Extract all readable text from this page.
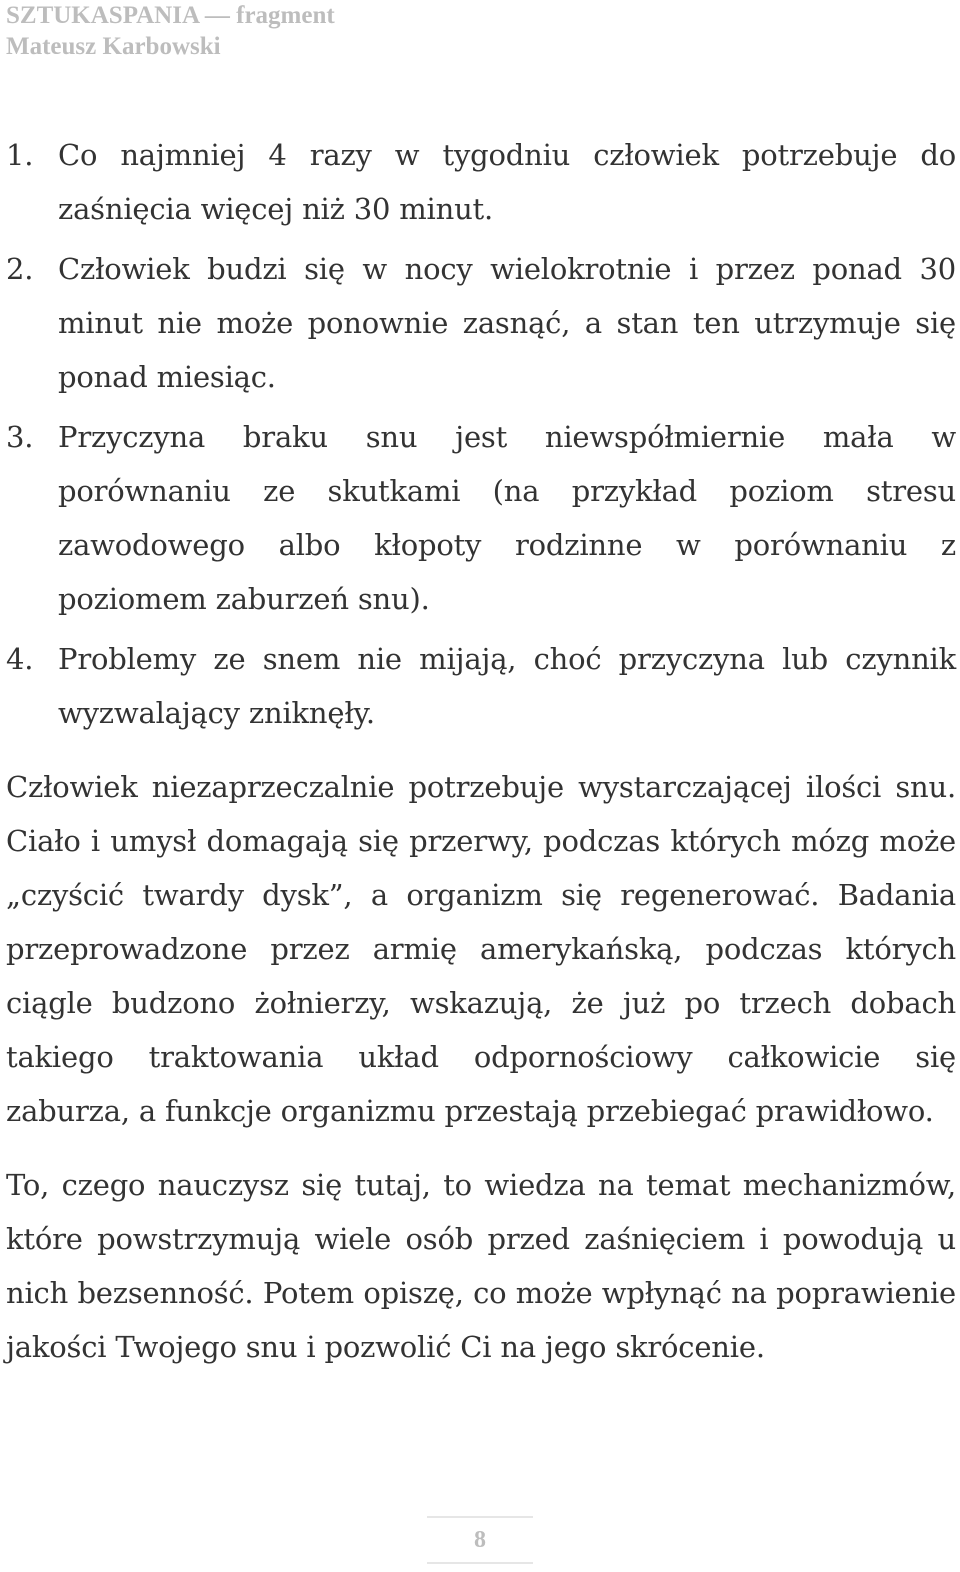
SZTUKASPANIA — fragment

Mateusz Karbowski

1. Co najmniej 4 razy w tygodniu człowiek potrzebuje do zaśnięcia więcej niż 30 minut.
2. Człowiek budzi się w nocy wielokrotnie i przez ponad 30 minut nie może ponownie zasnąć, a stan ten utrzymuje się ponad miesiąc.
3. Przyczyna braku snu jest niewspółmiernie mała w porównaniu ze skutkami (na przykład poziom stresu zawodowego albo kłopoty rodzinne w porównaniu z poziomem zaburzeń snu).
4. Problemy ze snem nie mijają, choć przyczyna lub czynnik wyzwalający zniknęły.

Człowiek niezaprzeczalnie potrzebuje wystarczającej ilości snu. Ciało i umysł domagają się przerwy, podczas których mózg może „czyścić twardy dysk”, a organizm się regenerować. Badania przeprowadzone przez armię amerykańską, podczas których ciągle budzono żołnierzy, wskazują, że już po trzech dobach takiego traktowania układ odpornościowy całkowicie się zaburza, a funkcje organizmu przestają przebiegać prawidłowo.

To, czego nauczysz się tutaj, to wiedza na temat mechanizmów, które powstrzymują wiele osób przed zaśnięciem i powodują u nich bezsenność. Potem opiszę, co może wpłynąć na poprawienie jakości Twojego snu i pozwolić Ci na jego skrócenie.

8
